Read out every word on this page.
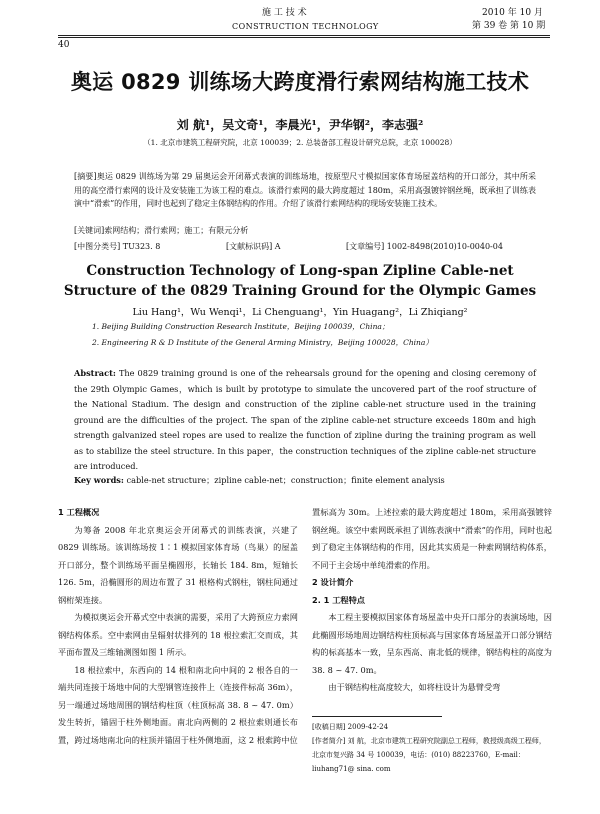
施 工 技 术
CONSTRUCTION TECHNOLOGY
40
2010 年 10 月
第 39 卷 第 10 期
奥运 0829 训练场大跨度滑行索网结构施工技术
刘 航¹，吴文奇¹，李晨光¹，尹华钢²，李志强²
（1. 北京市建筑工程研究院，北京 100039；2. 总装备部工程设计研究总院，北京 100028）
[摘要]奥运 0829 训练场为第 29 届奥运会开闭幕式表演的训练场地，按原型尺寸模拟国家体育场屋盖结构的开口部分，其中所采用的高空滑行索网的设计及安装施工为该工程的难点。该滑行索网的最大跨度超过 180m，采用高强镀锌钢丝绳，既承担了训练表演中“滑索”的作用，同时也起到了稳定主体钢结构的作用。介绍了该滑行索网结构的现场安装施工技术。
[关键词]索网结构；滑行索网；施工；有限元分析
[中图分类号] TU323. 8	[文献标识码] A	[文章编号] 1002-8498(2010)10-0040-04
Construction Technology of Long-span Zipline Cable-net
Structure of the 0829 Training Ground for the Olympic Games
Liu Hang¹，Wu Wenqi¹，Li Chenguang¹，Yin Huagang²，Li Zhiqiang²
1. Beijing Building Construction Research Institute，Beijing 100039，China；
2. Engineering R & D Institute of the General Arming Ministry，Beijing 100028，China）
Abstract: The 0829 training ground is one of the rehearsals ground for the opening and closing ceremony of the 29th Olympic Games，which is built by prototype to simulate the uncovered part of the roof structure of the National Stadium. The design and construction of the zipline cable-net structure used in the training ground are the difficulties of the project. The span of the zipline cable-net structure exceeds 180m and high strength galvanized steel ropes are used to realize the function of zipline during the training program as well as to stabilize the steel structure. In this paper，the construction techniques of the zipline cable-net structure are introduced.
Key words: cable-net structure；zipline cable-net；construction；finite element analysis
1 工程概况

为筹备 2008 年北京奥运会开闭幕式的训练表演，兴建了 0829 训练场。该训练场按 1∶1 模拟国家体育场（鸟巢）的屋盖开口部分，整个训练场平面呈椭圆形，长轴长 184. 8m，短轴长 126. 5m，沿椭圆形的周边布置了 31 根格构式钢柱，钢柱间通过钢桁架连接。

为模拟奥运会开幕式空中表演的需要，采用了大跨预应力索网钢结构体系。空中索网由呈辐射状排列的 18 根拉索汇交而成，其平面布置及三维轴测图如图 1 所示。

18 根拉索中，东西向的 14 根和南北向中间的 2 根各自的一端共同连接于场地中间的大型钢管连接件上（连接件标高 36m），另一端通过场地周围的钢结构柱顶（柱顶标高 38. 8 ~ 47. 0m）发生转折，锚固于柱外侧地面。南北向两侧的 2 根拉索则通长布置，跨过场地南北向的柱顶并锚固于柱外侧地面，这 2 根索跨中位

置标高为 30m。上述拉索的最大跨度超过 180m，采用高强镀锌钢丝绳。该空中索网既承担了训练表演中“滑索”的作用，同时也起到了稳定主体钢结构的作用，因此其实质是一种索网钢结构体系，不同于主会场中单纯滑索的作用。

2 设计简介
2. 1 工程特点

本工程主要模拟国家体育场屋盖中央开口部分的表演场地，因此椭圆形场地周边钢结构柱顶标高与国家体育场屋盖开口部分钢结构的标高基本一致，呈东西高、南北低的规律，钢结构柱的高度为 38. 8 ~ 47. 0m。

由于钢结构柱高度较大，如将柱设计为悬臂受弯

[收稿日期] 2009-42-24

[作者简介] 刘 航，北京市建筑工程研究院副总工程师，教授级高级工程师，北京市复兴路 34 号 100039，电话：(010) 88223760，E-mail：liuhang71@ sina. com
